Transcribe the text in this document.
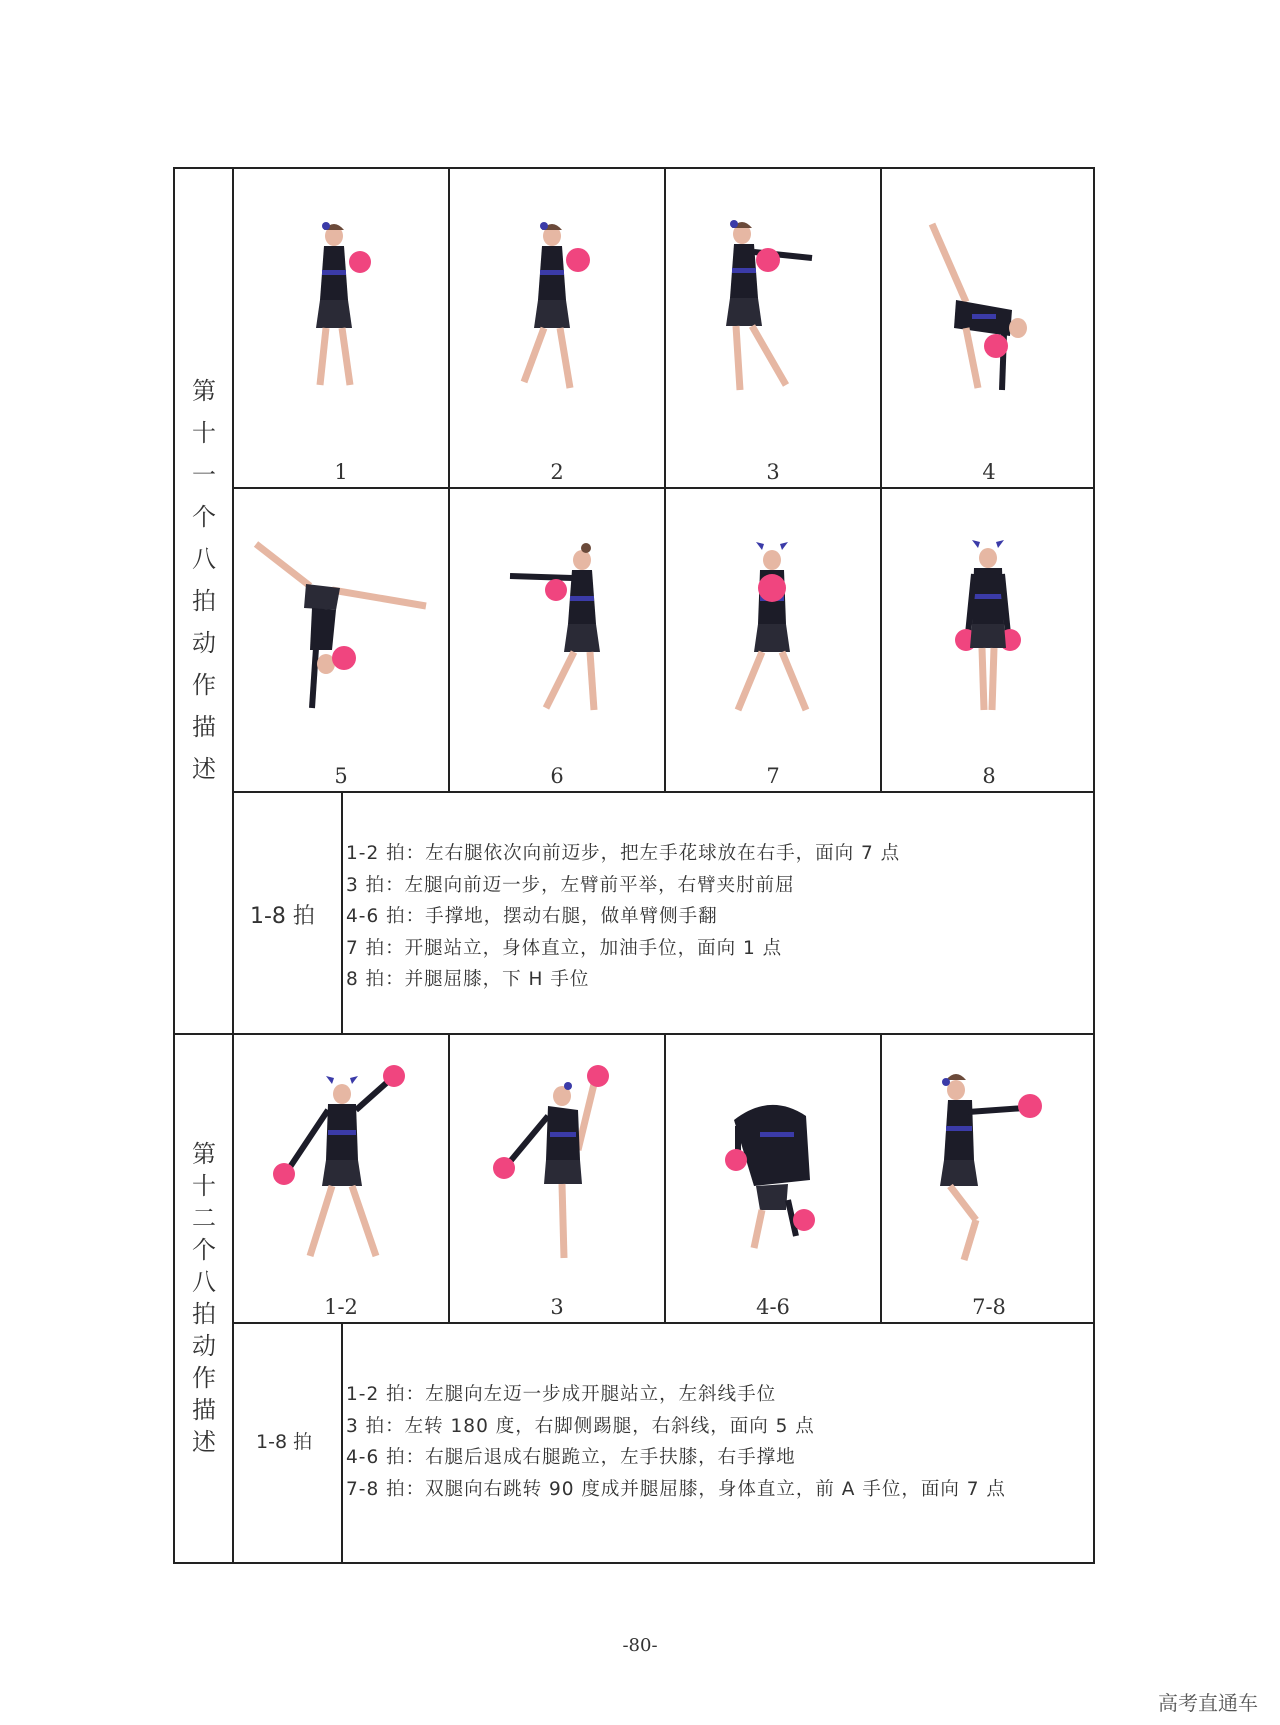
第
十
一
个
八
拍
动
作
描
述
第
十
二
个
八
拍
动
作
描
述
1	2	3	4
5	6	7	8
1-8 拍
1-2 拍：左右腿依次向前迈步，把左手花球放在右手，面向 7 点
3 拍：左腿向前迈一步，左臂前平举，右臂夹肘前屈
4-6 拍：手撑地，摆动右腿，做单臂侧手翻
7 拍：开腿站立，身体直立，加油手位，面向 1 点
8 拍：并腿屈膝，下 H 手位
1-2	3	4-6	7-8
1-8 拍
1-2 拍：左腿向左迈一步成开腿站立，左斜线手位
3 拍：左转 180 度，右脚侧踢腿，右斜线，面向 5 点
4-6 拍：右腿后退成右腿跪立，左手扶膝，右手撑地
7-8 拍：双腿向右跳转 90 度成并腿屈膝，身体直立，前 A 手位，面向 7 点
-80-
高考直通车
